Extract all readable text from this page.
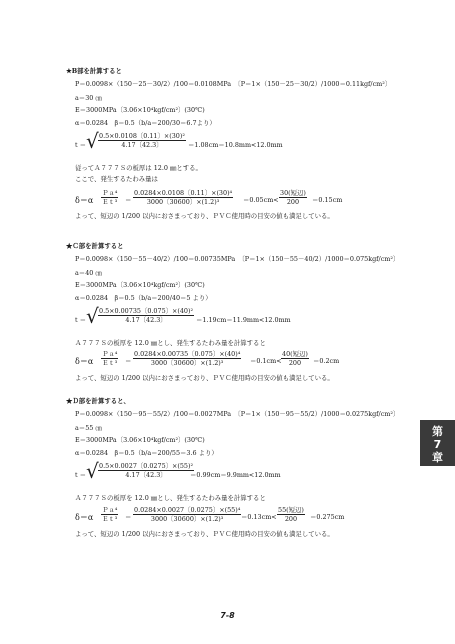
★B部を計算すると
P＝0.0098×（150－25－30/2）/100＝0.0108MPa　〔P＝1×（150－25－30/2）/1000＝0.11kgf/cm²〕
a＝30 ㎝
E＝3000MPa〔3.06×10⁴kgf/cm²〕(30℃)
α＝0.0284　β＝0.5（b/a＝200/30＝6.7より）
t ＝ √ $\frac{\text{0.5×0.0108〔0.11〕×(30)²}}{4.17〔42.3〕} =1.08cm=10.8mm<12.0mm$
従ってＡ７７７Ｓの板厚は 12.0 ㎜とする。
ここで、発生するたわみ量は
δ＝α
Ｐａ⁴
Ｅｔ³ ＝ $\frac{\text{0.0284×0.0108〔0.11〕×(30)⁴}}{\text{3000〔30600〕×(1.2)³}} =0.05cm<$
30(短辺)
200	＝0.15cm
よって、短辺の 1/200 以内におさまっており、ＰＶＣ使用時の目安の値も満足している。
★Ｃ部を計算すると
P＝0.0098×（150－55－40/2）/100＝0.00735MPa　〔P＝1×（150－55－40/2）/1000＝0.075kgf/cm²〕
a＝40 ㎝
E＝3000MPa〔3.06×10⁴kgf/cm²〕(30℃)
α＝0.0284　β＝0.5（b/a＝200/40＝5 より）
t ＝ √ $\frac{\text{0.5×0.00735〔0.075〕×(40)²}}{4.17〔42.3〕} =1.19cm=11.9mm<12.0mm$
Ａ７７７Ｓの板厚を 12.0 ㎜とし、発生するたわみ量を計算すると
δ＝α
Ｐａ⁴
Ｅｔ³ ＝ $\frac{\text{0.0284×0.00735〔0.075〕×(40)⁴}}{\text{3000〔30600〕×(1.2)³}} =0.1cm<$
40(短辺)
200	＝0.2cm
よって、短辺の 1/200 以内におさまっており、ＰＶＣ使用時の目安の値も満足している。
★Ｄ部を計算すると、
P＝0.0098×（150－95－55/2）/100＝0.0027MPa　〔P＝1×（150－95－55/2）/1000＝0.0275kgf/cm²〕
a＝55 ㎝
E＝3000MPa〔3.06×10⁴kgf/cm²〕(30℃)
α＝0.0284　β＝0.5（b/a＝200/55＝3.6 より）
t ＝ √ $\frac{\text{0.5×0.0027〔0.0275〕×(55)²}}{4.17〔42.3〕}$
＝0.99cm＝9.9mm<12.0mm
Ａ７７７Ｓの板厚を 12.0 ㎜とし、発生するたわみ量を計算すると
δ＝α
Ｐａ⁴
Ｅｔ³ ＝ $\frac{\text{0.0284×0.0027〔0.0275〕×(55)⁴}}{\text{3000〔30600〕×(1.2)³}} =0.13cm<$
55(短辺)
200	＝0.275cm
よって、短辺の 1/200 以内におさまっており、ＰＶＣ使用時の目安の値も満足している。
第
7
章
7-8
